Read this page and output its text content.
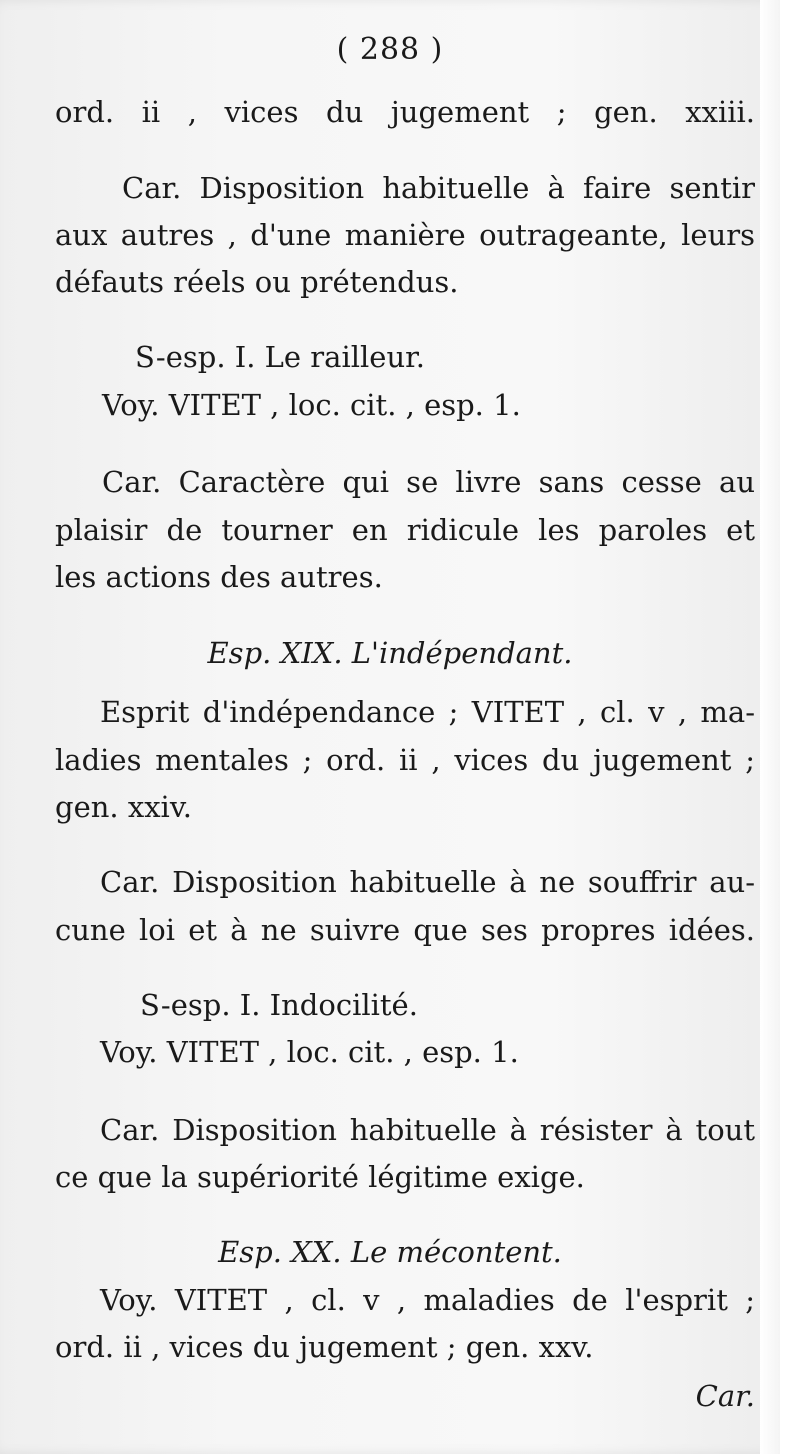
( 288 )
ord. ii , vices du jugement ; gen. xxiii.
Car. Disposition habituelle à faire sentir
aux autres , d'une manière outrageante, leurs
défauts réels ou prétendus.
S-esp. I. Le railleur.
Voy. VITET , loc. cit. , esp. 1.
Car. Caractère qui se livre sans cesse au
plaisir de tourner en ridicule les paroles et
les actions des autres.
Esp. XIX. L'indépendant.
Esprit d'indépendance ; VITET , cl. v , ma-
ladies mentales ; ord. ii , vices du jugement ;
gen. xxiv.
Car. Disposition habituelle à ne souffrir au-
cune loi et à ne suivre que ses propres idées.
S-esp. I. Indocilité.
Voy. VITET , loc. cit. , esp. 1.
Car. Disposition habituelle à résister à tout
ce que la supériorité légitime exige.
Esp. XX. Le mécontent.
Voy. VITET , cl. v , maladies de l'esprit ;
ord. ii , vices du jugement ; gen. xxv.
Car.
